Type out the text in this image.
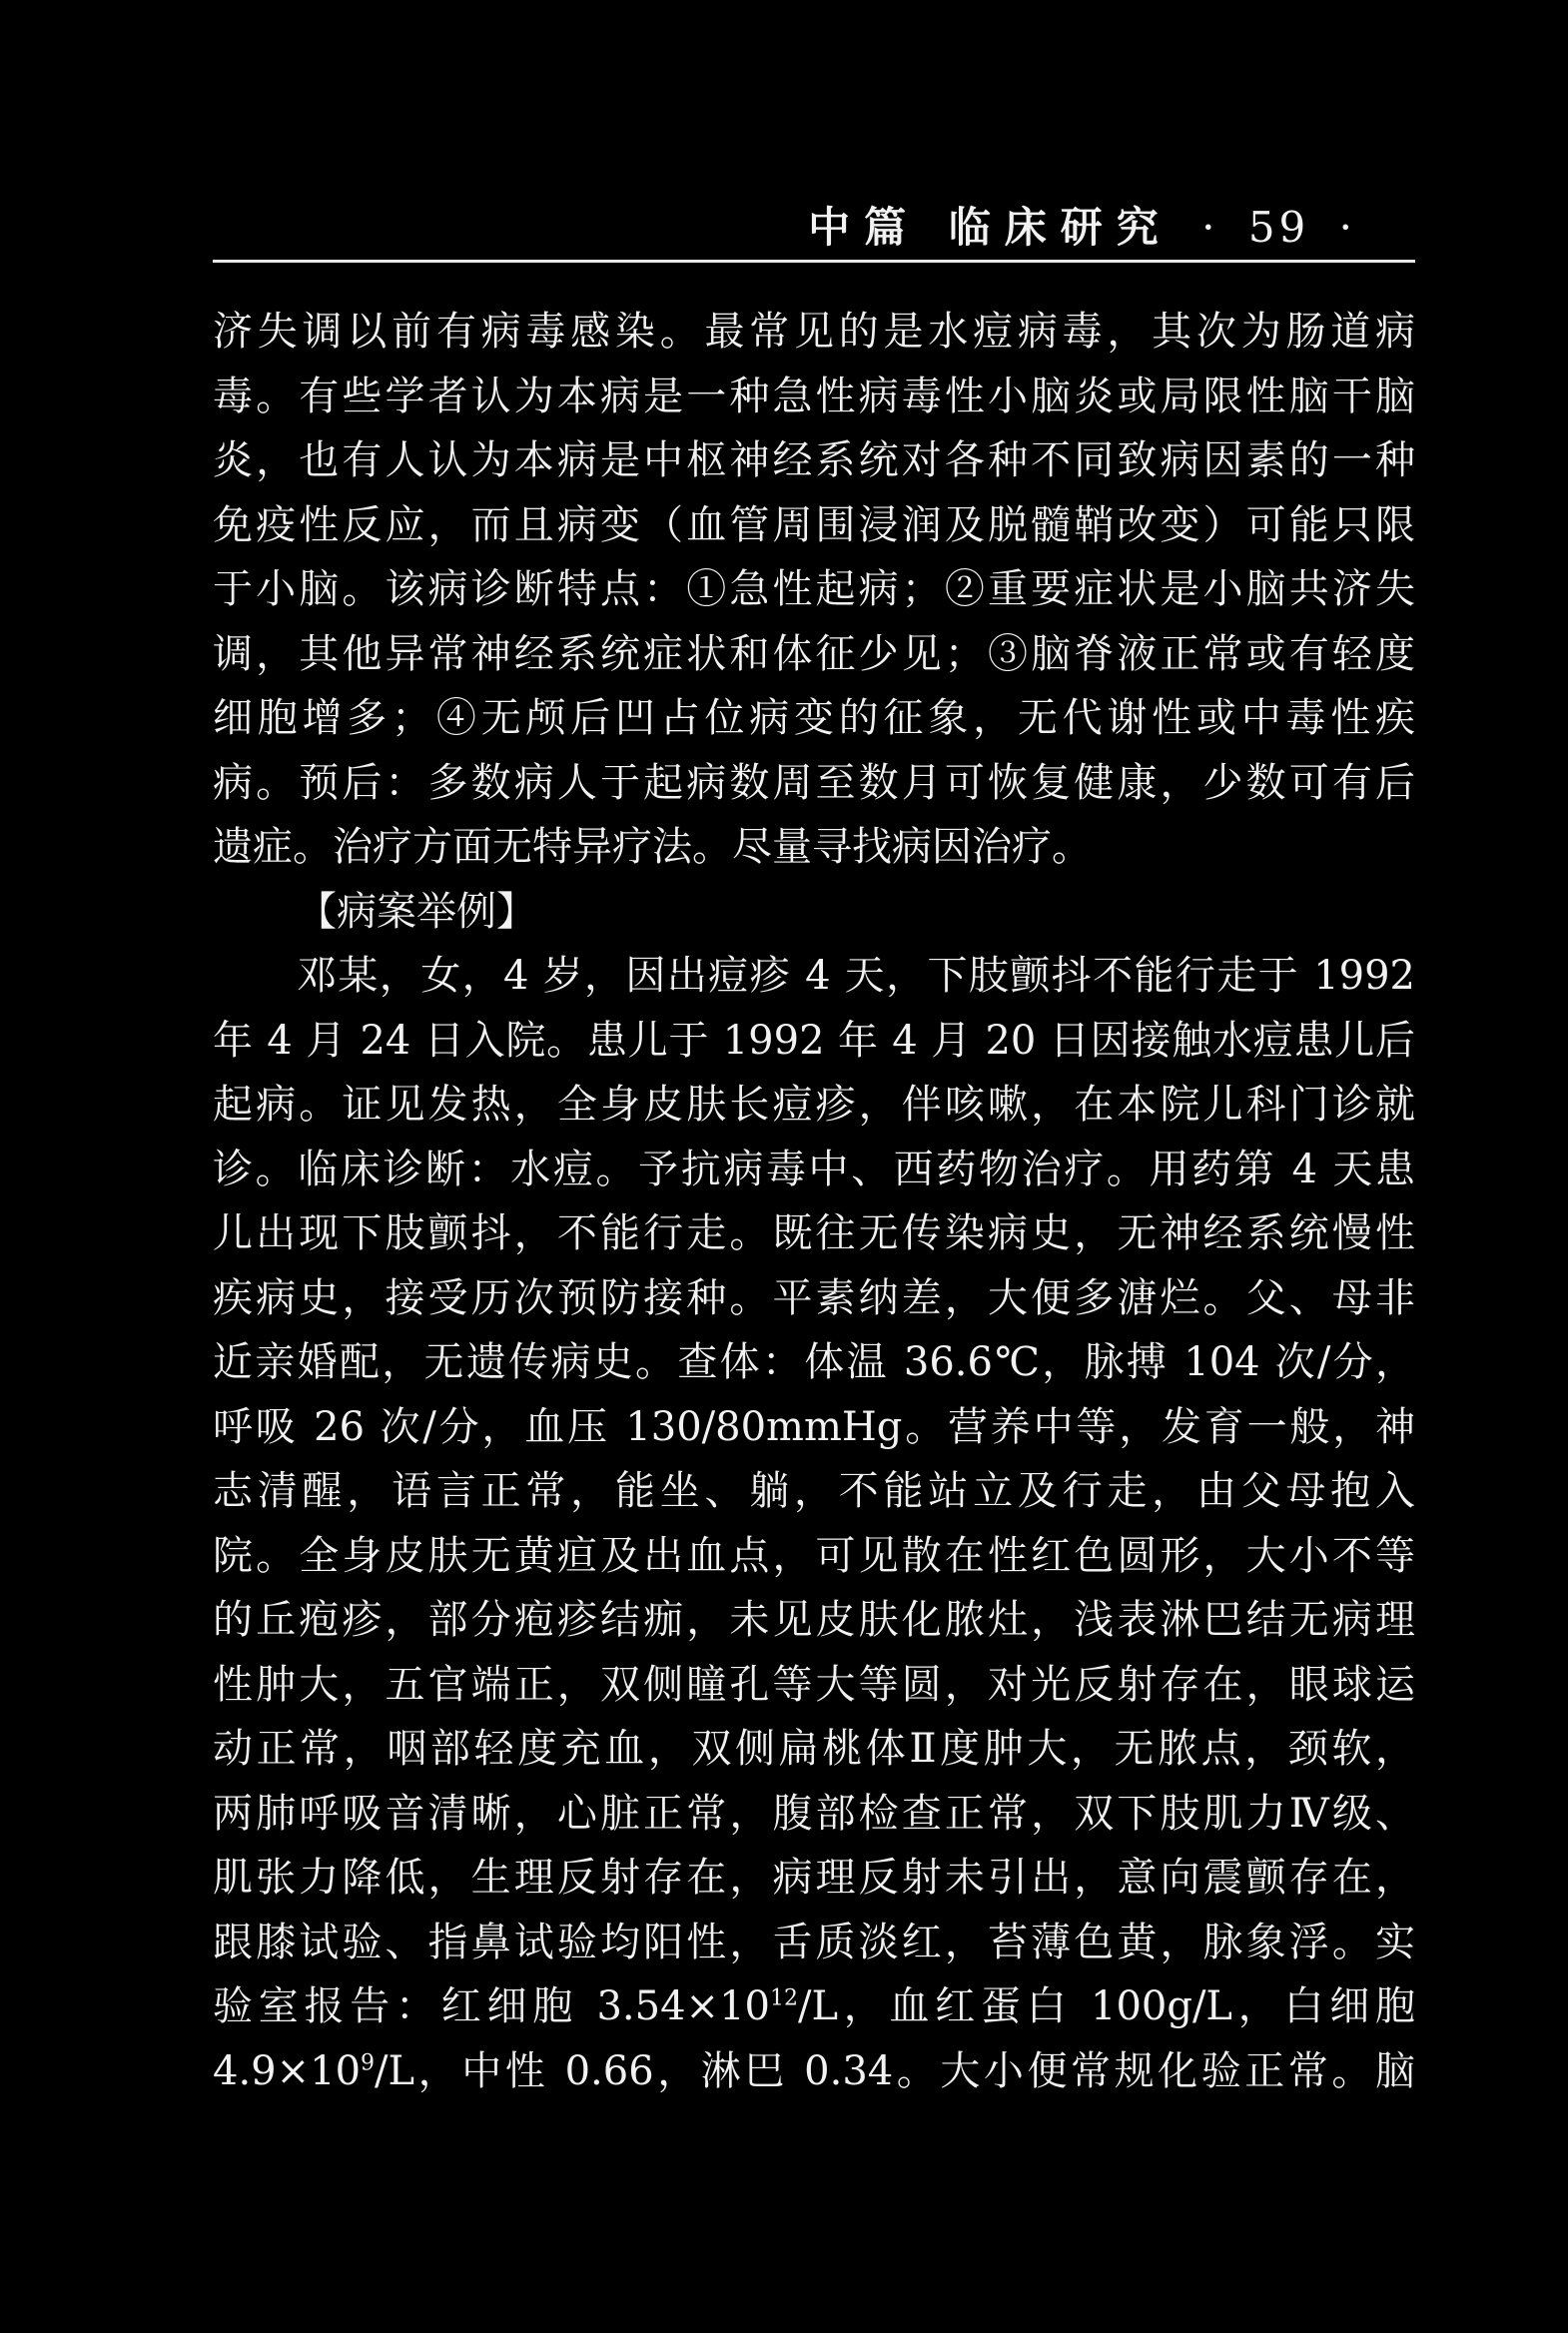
中篇 临床研究 · 59 ·
济失调以前有病毒感染。最常见的是水痘病毒，其次为肠道病
毒。有些学者认为本病是一种急性病毒性小脑炎或局限性脑干脑
炎，也有人认为本病是中枢神经系统对各种不同致病因素的一种
免疫性反应，而且病变（血管周围浸润及脱髓鞘改变）可能只限
于小脑。该病诊断特点：①急性起病；②重要症状是小脑共济失
调，其他异常神经系统症状和体征少见；③脑脊液正常或有轻度
细胞增多；④无颅后凹占位病变的征象，无代谢性或中毒性疾
病。预后：多数病人于起病数周至数月可恢复健康，少数可有后
遗症。治疗方面无特异疗法。尽量寻找病因治疗。
【病案举例】
邓某，女，4 岁，因出痘疹 4 天，下肢颤抖不能行走于 1992
年 4 月 24 日入院。患儿于 1992 年 4 月 20 日因接触水痘患儿后
起病。证见发热，全身皮肤长痘疹，伴咳嗽，在本院儿科门诊就
诊。临床诊断：水痘。予抗病毒中、西药物治疗。用药第 4 天患
儿出现下肢颤抖，不能行走。既往无传染病史，无神经系统慢性
疾病史，接受历次预防接种。平素纳差，大便多溏烂。父、母非
近亲婚配，无遗传病史。查体：体温 36.6℃，脉搏 104 次/分，
呼吸 26 次/分，血压 130/80mmHg。营养中等，发育一般，神
志清醒，语言正常，能坐、躺，不能站立及行走，由父母抱入
院。全身皮肤无黄疸及出血点，可见散在性红色圆形，大小不等
的丘疱疹，部分疱疹结痂，未见皮肤化脓灶，浅表淋巴结无病理
性肿大，五官端正，双侧瞳孔等大等圆，对光反射存在，眼球运
动正常，咽部轻度充血，双侧扁桃体Ⅱ度肿大，无脓点，颈软，
两肺呼吸音清晰，心脏正常，腹部检查正常，双下肢肌力Ⅳ级、
肌张力降低，生理反射存在，病理反射未引出，意向震颤存在，
跟膝试验、指鼻试验均阳性，舌质淡红，苔薄色黄，脉象浮。实
验室报告：红细胞 $3.54\times 10^{12}/L$，血红蛋白 100g/L，白细胞
$4.9\times 10^9/L$，中性 0.66，淋巴 0.34。大小便常规化验正常。脑
